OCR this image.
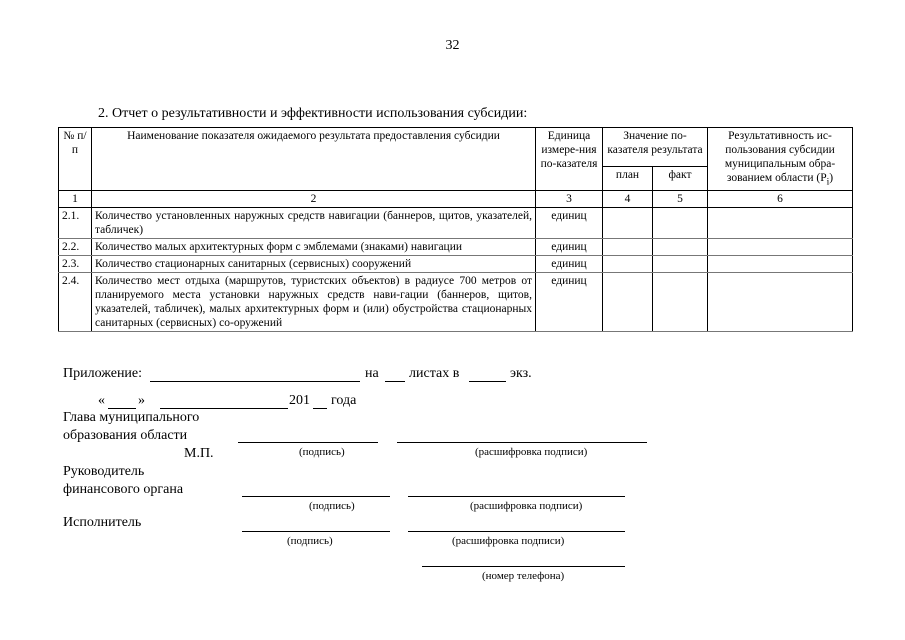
32
2. Отчет о результативности и эффективности использования субсидии:
№ п/п	Наименование показателя ожидаемого результата предоставления субсидии	Единица измере-ния по-казателя	Значение по-казателя результата		Результативность ис-пользования субсидии муниципальным обра-зованием области $(P_i)$
			план	факт	
1	2	3	4	5	6
2.1.	Количество установленных наружных средств навигации (баннеров, щитов, указателей, табличек)	единиц			
2.2.	Количество малых архитектурных форм с эмблемами (знаками) навигации	единиц			
2.3.	Количество стационарных санитарных (сервисных) сооружений	единиц			
2.4.	Количество мест отдыха (маршрутов, туристских объектов) в радиусе 700 метров от планируемого места установки наружных средств нави-гации (баннеров, щитов, указателей, табличек), малых архитектурных форм и (или) обустройства стационарных санитарных (сервисных) со-оружений	единиц			
Приложение:	на листах в	экз.
« »	201 года
Глава муниципального
образования области
М.П.	(подпись)	(расшифровка подписи)
Руководитель
финансового органа
(подпись)	(расшифровка подписи)
Исполнитель
(подпись)	(расшифровка подписи)
(номер телефона)
